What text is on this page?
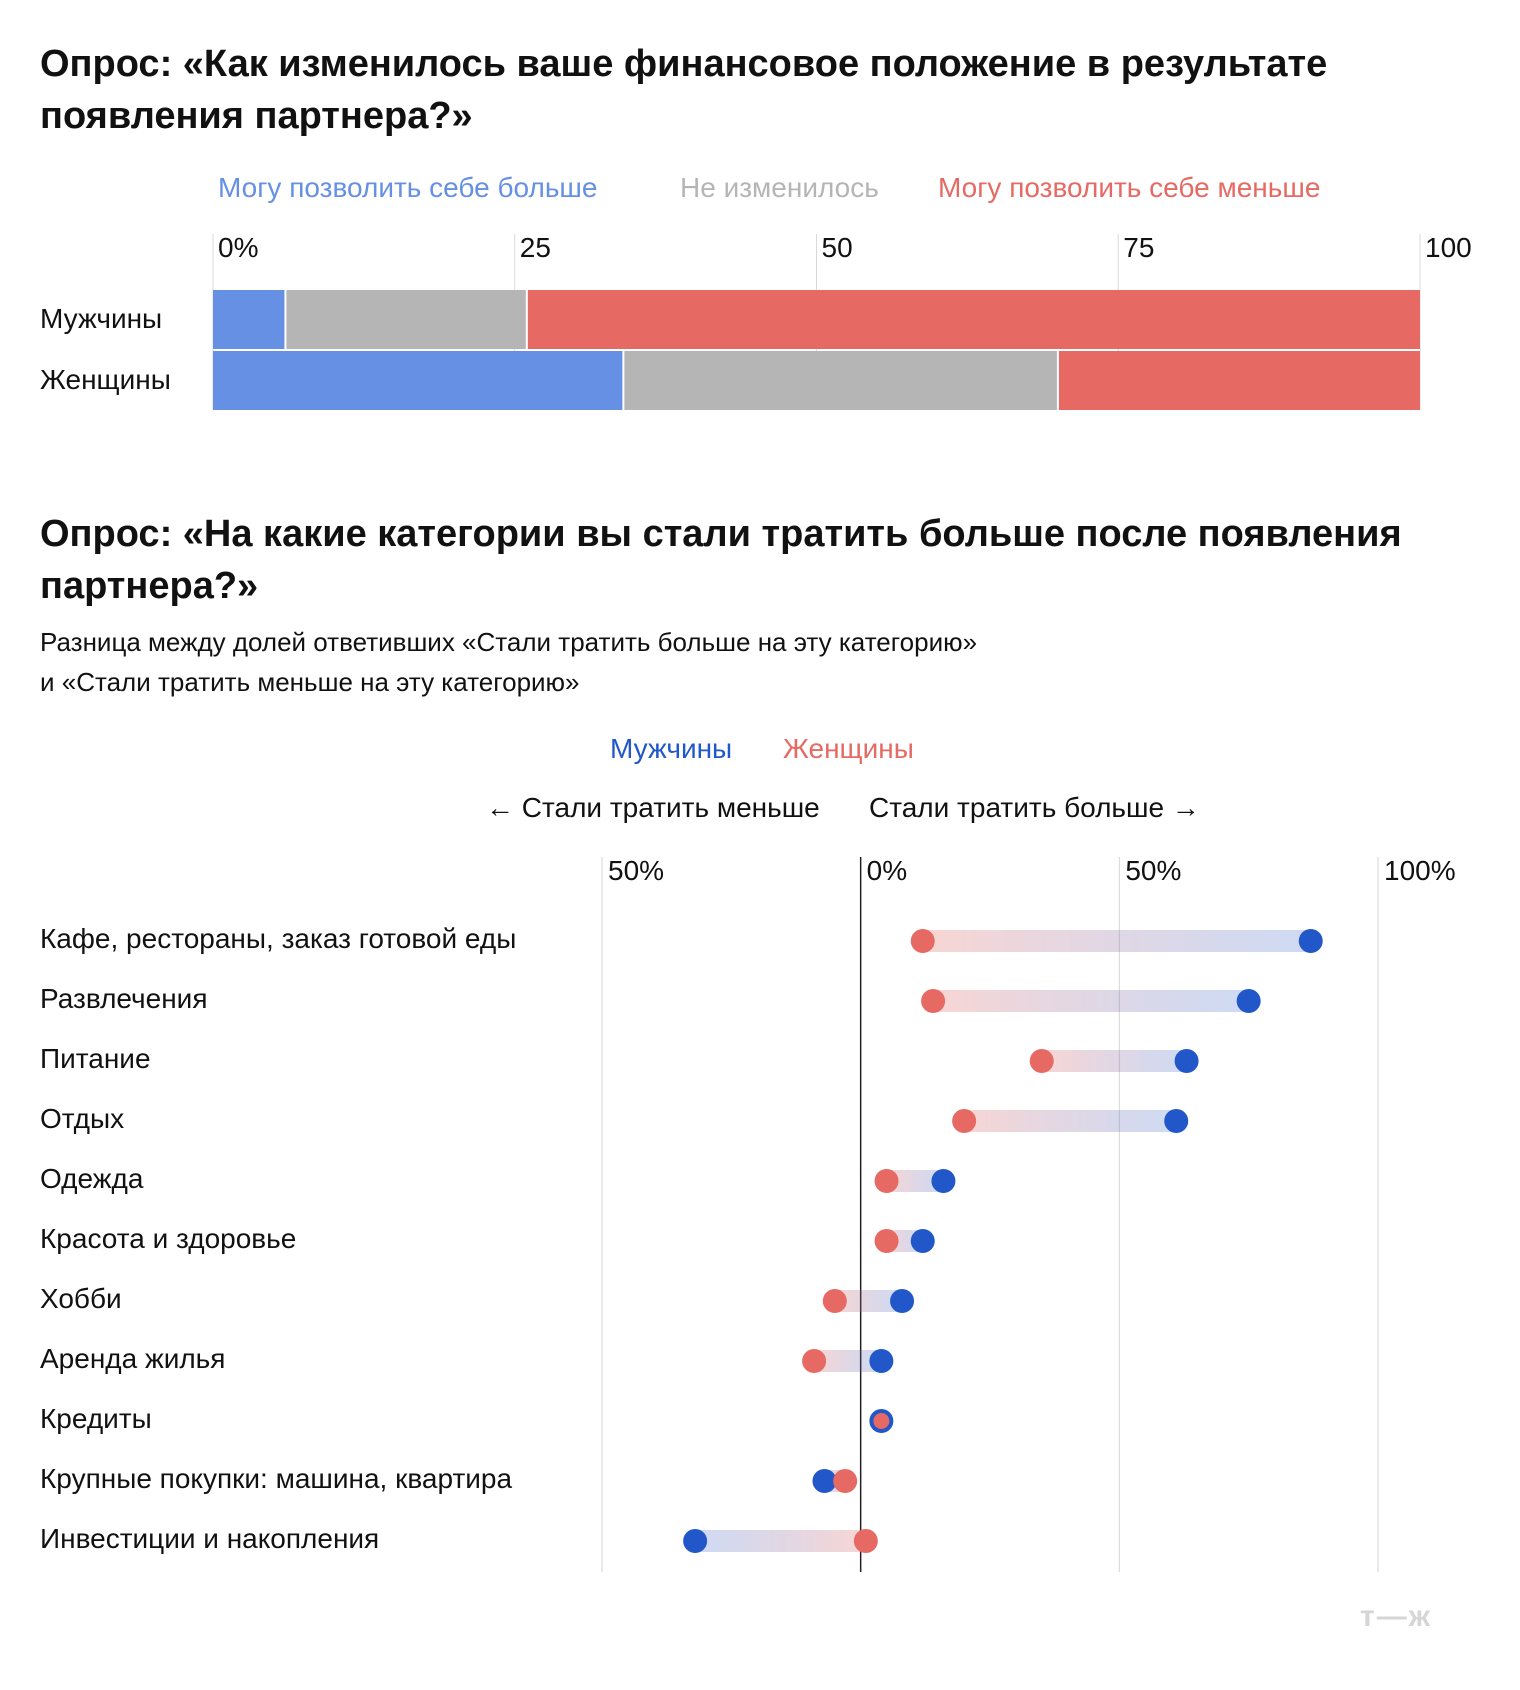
Опрос: «Как изменилось ваше финансовое положение в результате появления партнера?»
Могу позволить себе больше	Не изменилось Могу позволить себе меньше
0%	25	50	75	100
Мужчины
Женщины
Опрос: «На какие категории вы стали тратить больше после появления партнера?»
Разница между долей ответивших «Стали тратить больше на эту категорию»
и «Стали тратить меньше на эту категорию»
Мужчины Женщины
← Стали тратить меньше Стали тратить больше →
50%	0%	50%	100%
Кафе, рестораны, заказ готовой еды
Развлечения
Питание
Отдых
Одежда
Красота и здоровье
Хобби
Аренда жилья
Кредиты
Крупные покупки: машина, квартира
Инвестиции и накопления
т—ж
